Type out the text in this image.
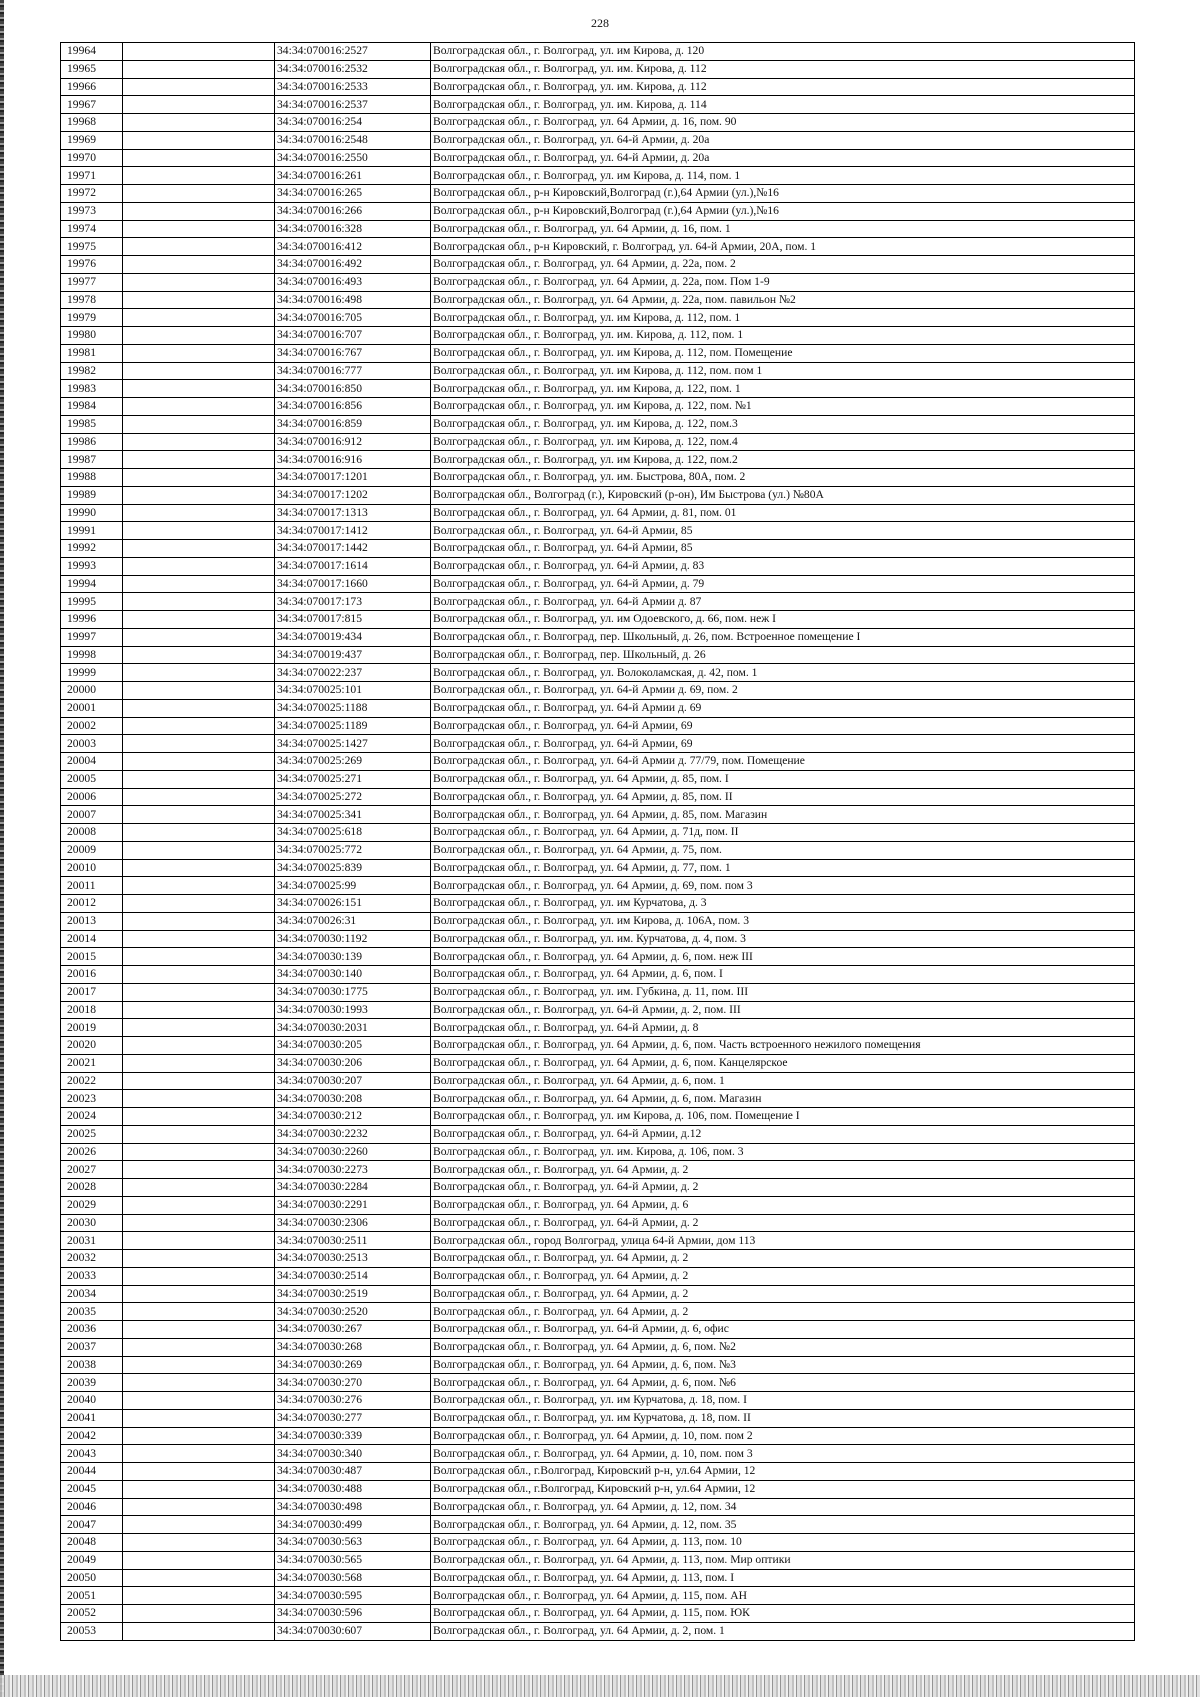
228
19964		34:34:070016:2527	Волгоградская обл., г. Волгоград, ул. им Кирова, д. 120
19965		34:34:070016:2532	Волгоградская обл., г. Волгоград, ул. им. Кирова, д. 112
19966		34:34:070016:2533	Волгоградская обл., г. Волгоград, ул. им. Кирова, д. 112
19967		34:34:070016:2537	Волгоградская обл., г. Волгоград, ул. им. Кирова, д. 114
19968		34:34:070016:254	Волгоградская обл., г. Волгоград, ул. 64 Армии, д. 16, пом. 90
19969		34:34:070016:2548	Волгоградская обл., г. Волгоград, ул. 64-й Армии, д. 20а
19970		34:34:070016:2550	Волгоградская обл., г. Волгоград, ул. 64-й Армии, д. 20а
19971		34:34:070016:261	Волгоградская обл., г. Волгоград, ул. им Кирова, д. 114, пом. 1
19972		34:34:070016:265	Волгоградская обл., р-н Кировский,Волгоград (г.),64 Армии (ул.),№16
19973		34:34:070016:266	Волгоградская обл., р-н Кировский,Волгоград (г.),64 Армии (ул.),№16
19974		34:34:070016:328	Волгоградская обл., г. Волгоград, ул. 64 Армии, д. 16, пом. 1
19975		34:34:070016:412	Волгоградская обл., р-н Кировский, г. Волгоград, ул. 64-й Армии, 20А, пом. 1
19976		34:34:070016:492	Волгоградская обл., г. Волгоград, ул. 64 Армии, д. 22а, пом. 2
19977		34:34:070016:493	Волгоградская обл., г. Волгоград, ул. 64 Армии, д. 22а, пом. Пом 1-9
19978		34:34:070016:498	Волгоградская обл., г. Волгоград, ул. 64 Армии, д. 22а, пом. павильон №2
19979		34:34:070016:705	Волгоградская обл., г. Волгоград, ул. им Кирова, д. 112, пом. 1
19980		34:34:070016:707	Волгоградская обл., г. Волгоград, ул. им. Кирова, д. 112, пом. 1
19981		34:34:070016:767	Волгоградская обл., г. Волгоград, ул. им Кирова, д. 112, пом. Помещение
19982		34:34:070016:777	Волгоградская обл., г. Волгоград, ул. им Кирова, д. 112, пом. пом 1
19983		34:34:070016:850	Волгоградская обл., г. Волгоград, ул. им Кирова, д. 122, пом. 1
19984		34:34:070016:856	Волгоградская обл., г. Волгоград, ул. им Кирова, д. 122, пом. №1
19985		34:34:070016:859	Волгоградская обл., г. Волгоград, ул. им Кирова, д. 122, пом.3
19986		34:34:070016:912	Волгоградская обл., г. Волгоград, ул. им Кирова, д. 122, пом.4
19987		34:34:070016:916	Волгоградская обл., г. Волгоград, ул. им Кирова, д. 122, пом.2
19988		34:34:070017:1201	Волгоградская обл., г. Волгоград, ул. им. Быстрова, 80А, пом. 2
19989		34:34:070017:1202	Волгоградская обл., Волгоград (г.), Кировский (р-он), Им Быстрова (ул.) №80А
19990		34:34:070017:1313	Волгоградская обл., г. Волгоград, ул. 64 Армии, д. 81, пом. 01
19991		34:34:070017:1412	Волгоградская обл., г. Волгоград, ул. 64-й Армии, 85
19992		34:34:070017:1442	Волгоградская обл., г. Волгоград, ул. 64-й Армии, 85
19993		34:34:070017:1614	Волгоградская обл., г. Волгоград, ул. 64-й Армии, д. 83
19994		34:34:070017:1660	Волгоградская обл., г. Волгоград, ул. 64-й Армии, д. 79
19995		34:34:070017:173	Волгоградская обл., г. Волгоград, ул. 64-й Армии д. 87
19996		34:34:070017:815	Волгоградская обл., г. Волгоград, ул. им Одоевского, д. 66, пом. неж I
19997		34:34:070019:434	Волгоградская обл., г. Волгоград, пер. Школьный, д. 26, пом. Встроенное помещение I
19998		34:34:070019:437	Волгоградская обл., г. Волгоград, пер. Школьный, д. 26
19999		34:34:070022:237	Волгоградская обл., г. Волгоград, ул. Волоколамская, д. 42, пом. 1
20000		34:34:070025:101	Волгоградская обл., г. Волгоград, ул. 64-й Армии д. 69, пом. 2
20001		34:34:070025:1188	Волгоградская обл., г. Волгоград, ул. 64-й Армии д. 69
20002		34:34:070025:1189	Волгоградская обл., г. Волгоград, ул. 64-й Армии, 69
20003		34:34:070025:1427	Волгоградская обл., г. Волгоград, ул. 64-й Армии, 69
20004		34:34:070025:269	Волгоградская обл., г. Волгоград, ул. 64-й Армии д. 77/79, пом. Помещение
20005		34:34:070025:271	Волгоградская обл., г. Волгоград, ул. 64 Армии, д. 85, пом. I
20006		34:34:070025:272	Волгоградская обл., г. Волгоград, ул. 64 Армии, д. 85, пом. II
20007		34:34:070025:341	Волгоградская обл., г. Волгоград, ул. 64 Армии, д. 85, пом. Магазин
20008		34:34:070025:618	Волгоградская обл., г. Волгоград, ул. 64 Армии, д. 71д, пом. II
20009		34:34:070025:772	Волгоградская обл., г. Волгоград, ул. 64 Армии, д. 75, пом.
20010		34:34:070025:839	Волгоградская обл., г. Волгоград, ул. 64 Армии, д. 77, пом. 1
20011		34:34:070025:99	Волгоградская обл., г. Волгоград, ул. 64 Армии, д. 69, пом. пом 3
20012		34:34:070026:151	Волгоградская обл., г. Волгоград, ул. им Курчатова, д. 3
20013		34:34:070026:31	Волгоградская обл., г. Волгоград, ул. им Кирова, д. 106А, пом. 3
20014		34:34:070030:1192	Волгоградская обл., г. Волгоград, ул. им. Курчатова, д. 4, пом. 3
20015		34:34:070030:139	Волгоградская обл., г. Волгоград, ул. 64 Армии, д. 6, пом. неж III
20016		34:34:070030:140	Волгоградская обл., г. Волгоград, ул. 64 Армии, д. 6, пом. I
20017		34:34:070030:1775	Волгоградская обл., г. Волгоград, ул. им. Губкина, д. 11, пом. III
20018		34:34:070030:1993	Волгоградская обл., г. Волгоград, ул. 64-й Армии, д. 2, пом. III
20019		34:34:070030:2031	Волгоградская обл., г. Волгоград, ул. 64-й Армии, д. 8
20020		34:34:070030:205	Волгоградская обл., г. Волгоград, ул. 64 Армии, д. 6, пом. Часть встроенного нежилого помещения
20021		34:34:070030:206	Волгоградская обл., г. Волгоград, ул. 64 Армии, д. 6, пом. Канцелярское
20022		34:34:070030:207	Волгоградская обл., г. Волгоград, ул. 64 Армии, д. 6, пом. 1
20023		34:34:070030:208	Волгоградская обл., г. Волгоград, ул. 64 Армии, д. 6, пом. Магазин
20024		34:34:070030:212	Волгоградская обл., г. Волгоград, ул. им Кирова, д. 106, пом. Помещение I
20025		34:34:070030:2232	Волгоградская обл., г. Волгоград, ул. 64-й Армии, д.12
20026		34:34:070030:2260	Волгоградская обл., г. Волгоград, ул. им. Кирова, д. 106, пом. 3
20027		34:34:070030:2273	Волгоградская обл., г. Волгоград, ул. 64 Армии, д. 2
20028		34:34:070030:2284	Волгоградская обл., г. Волгоград, ул. 64-й Армии, д. 2
20029		34:34:070030:2291	Волгоградская обл., г. Волгоград, ул. 64 Армии, д. 6
20030		34:34:070030:2306	Волгоградская обл., г. Волгоград, ул. 64-й Армии, д. 2
20031		34:34:070030:2511	Волгоградская обл., город Волгоград, улица 64-й Армии, дом 113
20032		34:34:070030:2513	Волгоградская обл., г. Волгоград, ул. 64 Армии, д. 2
20033		34:34:070030:2514	Волгоградская обл., г. Волгоград, ул. 64 Армии, д. 2
20034		34:34:070030:2519	Волгоградская обл., г. Волгоград, ул. 64 Армии, д. 2
20035		34:34:070030:2520	Волгоградская обл., г. Волгоград, ул. 64 Армии, д. 2
20036		34:34:070030:267	Волгоградская обл., г. Волгоград, ул. 64-й Армии, д. 6, офис
20037		34:34:070030:268	Волгоградская обл., г. Волгоград, ул. 64 Армии, д. 6, пом. №2
20038		34:34:070030:269	Волгоградская обл., г. Волгоград, ул. 64 Армии, д. 6, пом. №3
20039		34:34:070030:270	Волгоградская обл., г. Волгоград, ул. 64 Армии, д. 6, пом. №6
20040		34:34:070030:276	Волгоградская обл., г. Волгоград, ул. им Курчатова, д. 18, пом. I
20041		34:34:070030:277	Волгоградская обл., г. Волгоград, ул. им Курчатова, д. 18, пом. II
20042		34:34:070030:339	Волгоградская обл., г. Волгоград, ул. 64 Армии, д. 10, пом. пом 2
20043		34:34:070030:340	Волгоградская обл., г. Волгоград, ул. 64 Армии, д. 10, пом. пом 3
20044		34:34:070030:487	Волгоградская обл., г.Волгоград, Кировский р-н, ул.64 Армии, 12
20045		34:34:070030:488	Волгоградская обл., г.Волгоград, Кировский р-н, ул.64 Армии, 12
20046		34:34:070030:498	Волгоградская обл., г. Волгоград, ул. 64 Армии, д. 12, пом. 34
20047		34:34:070030:499	Волгоградская обл., г. Волгоград, ул. 64 Армии, д. 12, пом. 35
20048		34:34:070030:563	Волгоградская обл., г. Волгоград, ул. 64 Армии, д. 113, пом. 10
20049		34:34:070030:565	Волгоградская обл., г. Волгоград, ул. 64 Армии, д. 113, пом. Мир оптики
20050		34:34:070030:568	Волгоградская обл., г. Волгоград, ул. 64 Армии, д. 113, пом. I
20051		34:34:070030:595	Волгоградская обл., г. Волгоград, ул. 64 Армии, д. 115, пом. АН
20052		34:34:070030:596	Волгоградская обл., г. Волгоград, ул. 64 Армии, д. 115, пом. ЮК
20053		34:34:070030:607	Волгоградская обл., г. Волгоград, ул. 64 Армии, д. 2, пом. 1
